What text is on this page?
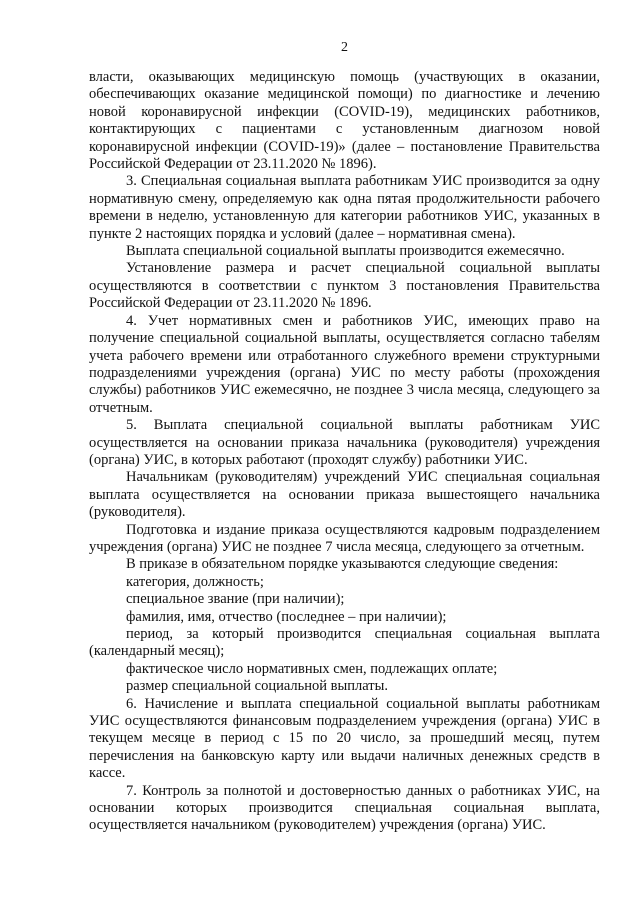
2

власти, оказывающих медицинскую помощь (участвующих в оказании, обеспечивающих оказание медицинской помощи) по диагностике и лечению новой коронавирусной инфекции (COVID-19), медицинских работников, контактирующих с пациентами с установленным диагнозом новой коронавирусной инфекции (COVID-19)» (далее – постановление Правительства Российской Федерации от 23.11.2020 № 1896).

3. Специальная социальная выплата работникам УИС производится за одну нормативную смену, определяемую как одна пятая продолжительности рабочего времени в неделю, установленную для категории работников УИС, указанных в пункте 2 настоящих порядка и условий (далее – нормативная смена).

Выплата специальной социальной выплаты производится ежемесячно.

Установление размера и расчет специальной социальной выплаты осуществляются в соответствии с пунктом 3 постановления Правительства Российской Федерации от 23.11.2020 № 1896.

4. Учет нормативных смен и работников УИС, имеющих право на получение специальной социальной выплаты, осуществляется согласно табелям учета рабочего времени или отработанного служебного времени структурными подразделениями учреждения (органа) УИС по месту работы (прохождения службы) работников УИС ежемесячно, не позднее 3 числа месяца, следующего за отчетным.

5. Выплата специальной социальной выплаты работникам УИС осуществляется на основании приказа начальника (руководителя) учреждения (органа) УИС, в которых работают (проходят службу) работники УИС.

Начальникам (руководителям) учреждений УИС специальная социальная выплата осуществляется на основании приказа вышестоящего начальника (руководителя).

Подготовка и издание приказа осуществляются кадровым подразделением учреждения (органа) УИС не позднее 7 числа месяца, следующего за отчетным.

В приказе в обязательном порядке указываются следующие сведения:

категория, должность;

специальное звание (при наличии);

фамилия, имя, отчество (последнее – при наличии);

период, за который производится специальная социальная выплата (календарный месяц);

фактическое число нормативных смен, подлежащих оплате;

размер специальной социальной выплаты.

6. Начисление и выплата специальной социальной выплаты работникам УИС осуществляются финансовым подразделением учреждения (органа) УИС в текущем месяце в период с 15 по 20 число, за прошедший месяц, путем перечисления на банковскую карту или выдачи наличных денежных средств в кассе.

7. Контроль за полнотой и достоверностью данных о работниках УИС, на основании которых производится специальная социальная выплата, осуществляется начальником (руководителем) учреждения (органа) УИС.
